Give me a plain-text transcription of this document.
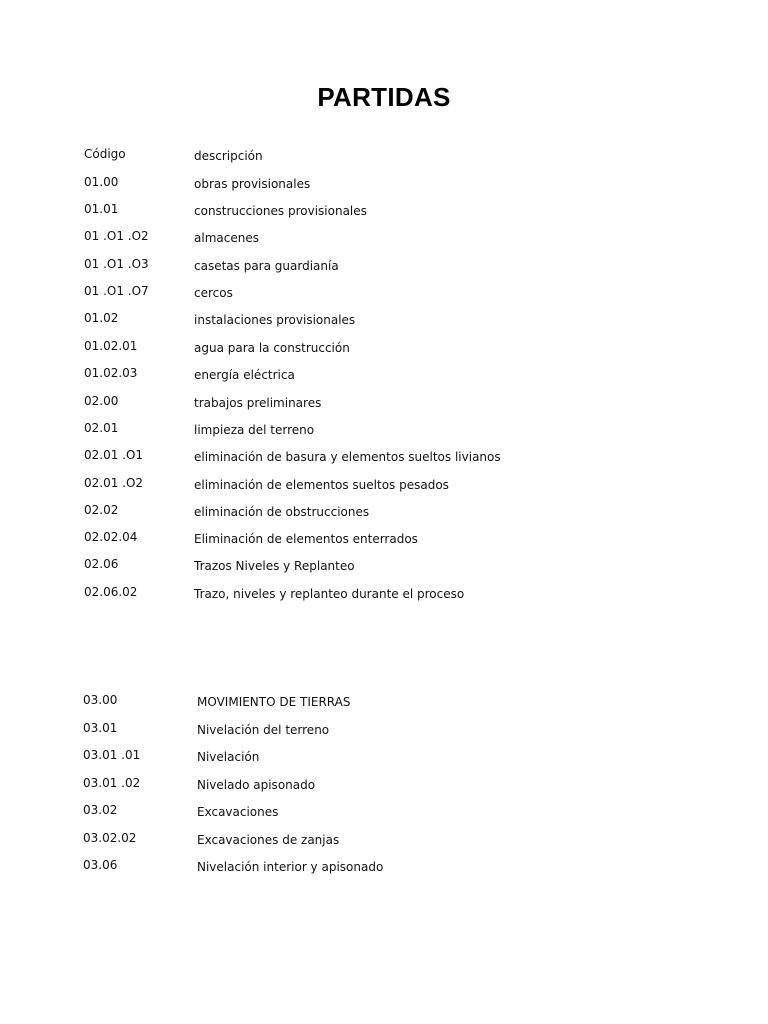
PARTIDAS
Código	descripción
01.00	obras provisionales
01.01	construcciones provisionales
01 .O1 .O2	almacenes
01 .O1 .O3	casetas para guardianía
01 .O1 .O7	cercos
01.02	instalaciones provisionales
01.02.01	agua para la construcción
01.02.03	energía eléctrica
02.00	trabajos preliminares
02.01	limpieza del terreno
02.01 .O1	eliminación de basura y elementos sueltos livianos
02.01 .O2	eliminación de elementos sueltos pesados
02.02	eliminación de obstrucciones
02.02.04	Eliminación de elementos enterrados
02.06	Trazos Niveles y Replanteo
02.06.02	Trazo, niveles y replanteo durante el proceso
03.00	MOVIMIENTO DE TIERRAS
03.01	Nivelación del terreno
03.01 .01	Nivelación
03.01 .02	Nivelado apisonado
03.02	Excavaciones
03.02.02	Excavaciones de zanjas
03.06	Nivelación interior y apisonado
